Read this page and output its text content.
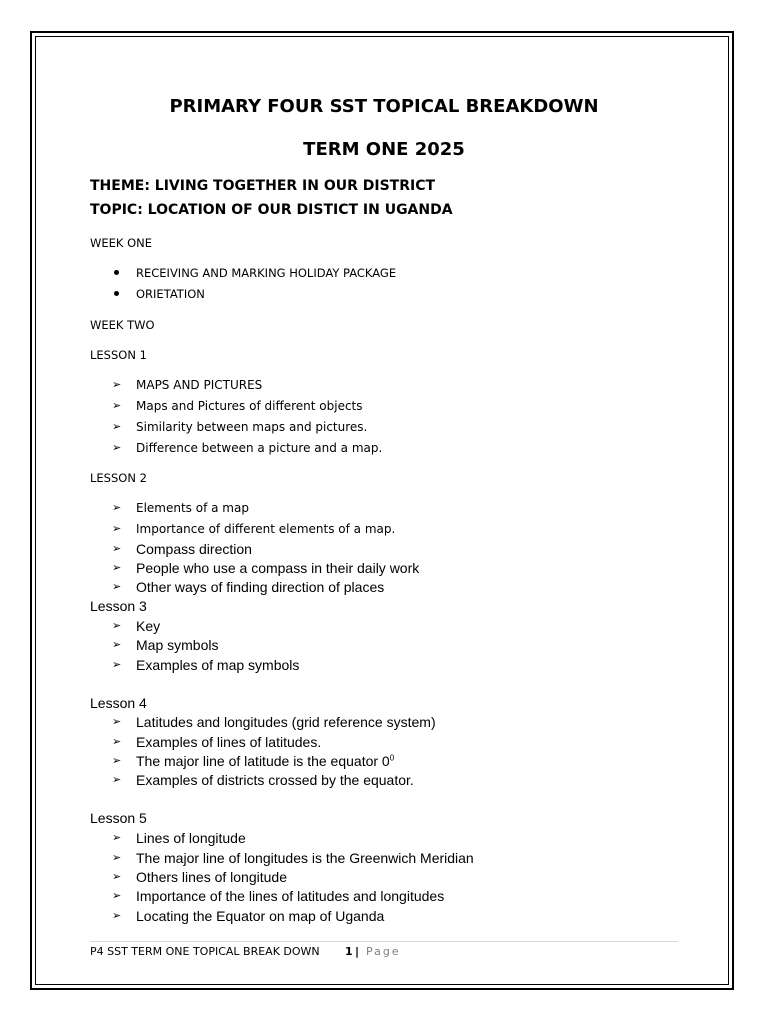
PRIMARY FOUR SST TOPICAL BREAKDOWN
TERM ONE 2025
THEME: LIVING TOGETHER IN OUR DISTRICT
TOPIC: LOCATION OF OUR DISTICT IN UGANDA
WEEK ONE
RECEIVING AND MARKING HOLIDAY PACKAGE
ORIETATION
WEEK TWO
LESSON 1
➢ MAPS AND PICTURES
➢ Maps and Pictures of different objects
➢ Similarity between maps and pictures.
➢ Difference between a picture and a map.
LESSON 2
➢ Elements of a map
➢ Importance of different elements of a map.
➢ Compass direction
➢ People who use a compass in their daily work
➢ Other ways of finding direction of places
Lesson 3
➢ Key
➢ Map symbols
➢ Examples of map symbols
Lesson 4
➢ Latitudes and longitudes (grid reference system)
➢ Examples of lines of latitudes.
➢ The major line of latitude is the equator $0^0$
➢ Examples of districts crossed by the equator.
Lesson 5
➢ Lines of longitude
➢ The major line of longitudes is the Greenwich Meridian
➢ Others lines of longitude
➢ Importance of the lines of latitudes and longitudes
➢ Locating the Equator on map of Uganda
P4 SST TERM ONE TOPICAL BREAK DOWN 1 | Page
